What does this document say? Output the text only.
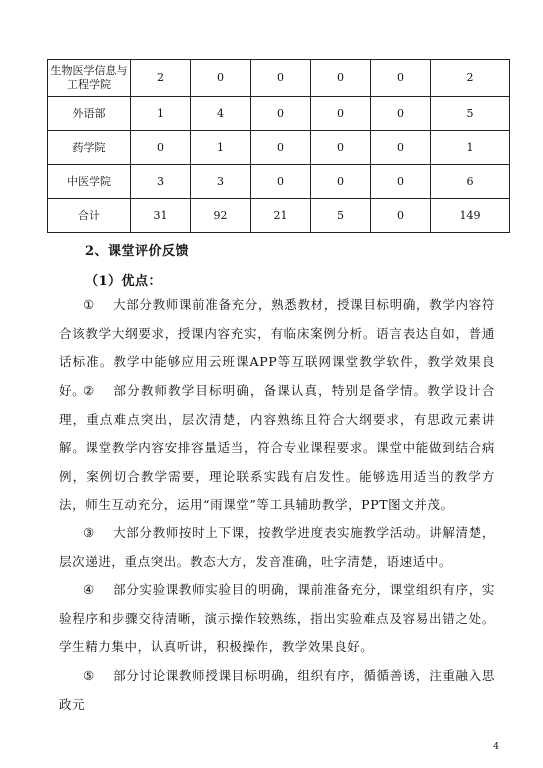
生物医学信息与工程学院	2	0	0	0	0	2
外语部	1	4	0	0	0	5
药学院	0	1	0	0	0	1
中医学院	3	3	0	0	0	6
合计	31	92	21	5	0	149
2、课堂评价反馈
（1）优点：
① 大部分教师课前准备充分，熟悉教材，授课目标明确，教学内容符合该教学大纲要求，授课内容充实，有临床案例分析。语言表达自如，普通话标准。教学中能够应用云班课APP等互联网课堂教学软件，教学效果良好。
② 部分教师教学目标明确，备课认真，特别是备学情。教学设计合理，重点难点突出，层次清楚，内容熟练且符合大纲要求，有思政元素讲解。课堂教学内容安排容量适当，符合专业课程要求。课堂中能做到结合病例，案例切合教学需要，理论联系实践有启发性。能够选用适当的教学方法，师生互动充分，运用“雨课堂”等工具辅助教学，PPT图文并茂。
③ 大部分教师按时上下课，按教学进度表实施教学活动。讲解清楚，层次递进，重点突出。教态大方，发音准确，吐字清楚，语速适中。
④ 部分实验课教师实验目的明确，课前准备充分，课堂组织有序，实验程序和步骤交待清晰，演示操作较熟练，指出实验难点及容易出错之处。学生精力集中，认真听讲，积极操作，教学效果良好。
⑤ 部分讨论课教师授课目标明确，组织有序，循循善诱，注重融入思政元
4
